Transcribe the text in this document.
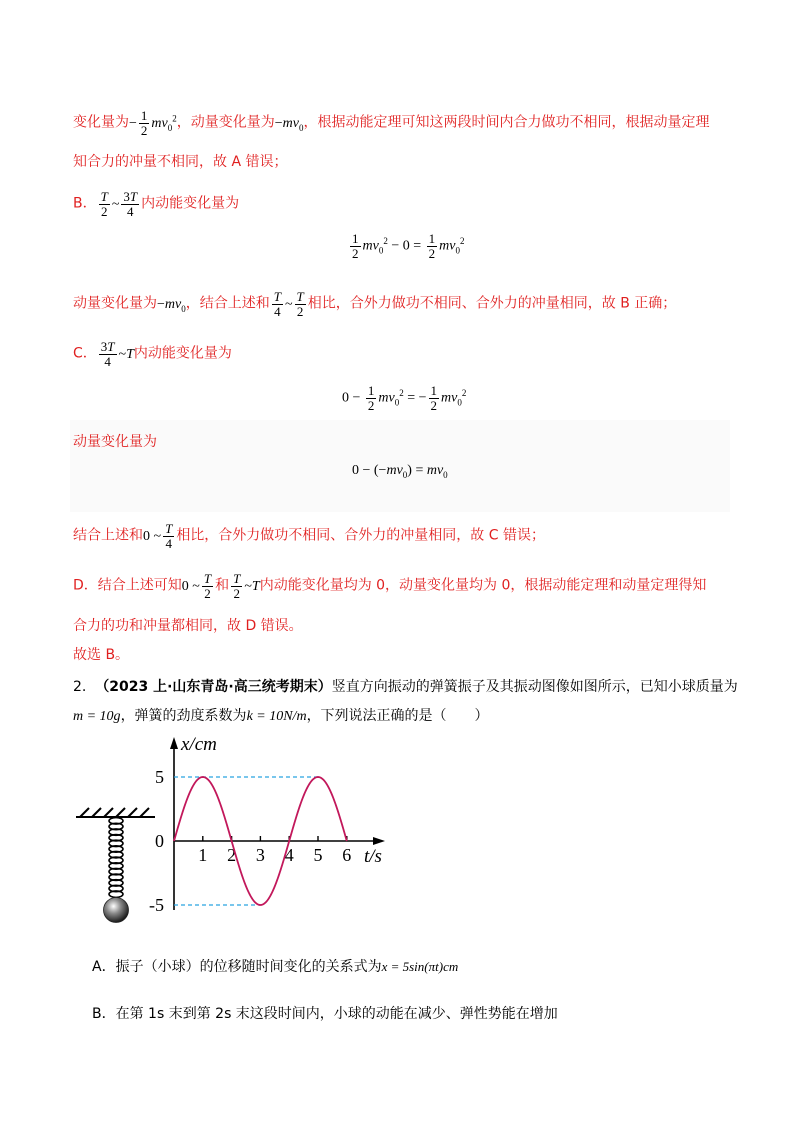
变化量为− $\frac{1}{2} mv_0^2$，动量变化量为$-mv_0$，根据动能定理可知这两段时间内合力做功不相同，根据动量定理
知合力的冲量不相同，故 A 错误；
B． $\frac{T}{2}$ ~ $\frac{3T}{4}$ 内动能变化量为
$\frac{1}{2} mv_0^2 - 0 = \frac{1}{2} mv_0^2$
动量变化量为$-mv_0$，结合上述和 $\frac{T}{4}$ ~ $\frac{T}{2}$ 相比，合外力做功不相同、合外力的冲量相同，故 B 正确；
C． $\frac{3T}{4}$ ~T内动能变化量为
$0 - \frac{1}{2} mv_0^2$ = − $\frac{1}{2} mv_0^2$
动量变化量为
$0 - (-mv_0) = mv_0$
结合上述和0 ~ $\frac{T}{4}$ 相比，合外力做功不相同、合外力的冲量相同，故 C 错误；
D．结合上述可知0 ~ $\frac{T}{2}$ 和 $\frac{T}{2}$ ~T内动能变化量均为 0，动量变化量均为 0，根据动能定理和动量定理得知
合力的功和冲量都相同，故 D 错误。
故选 B。
2. （2023 上·山东青岛·高三统考期末）竖直方向振动的弹簧振子及其振动图像如图所示，已知小球质量为
m = 10g，弹簧的劲度系数为k = 10N/m，下列说法正确的是（　　）
x/cm
t/s
1 2 3 4 5 6
5
0
-5
A．振子（小球）的位移随时间变化的关系式为x = 5sin(πt)cm
B．在第 1s 末到第 2s 末这段时间内，小球的动能在减少、弹性势能在增加
